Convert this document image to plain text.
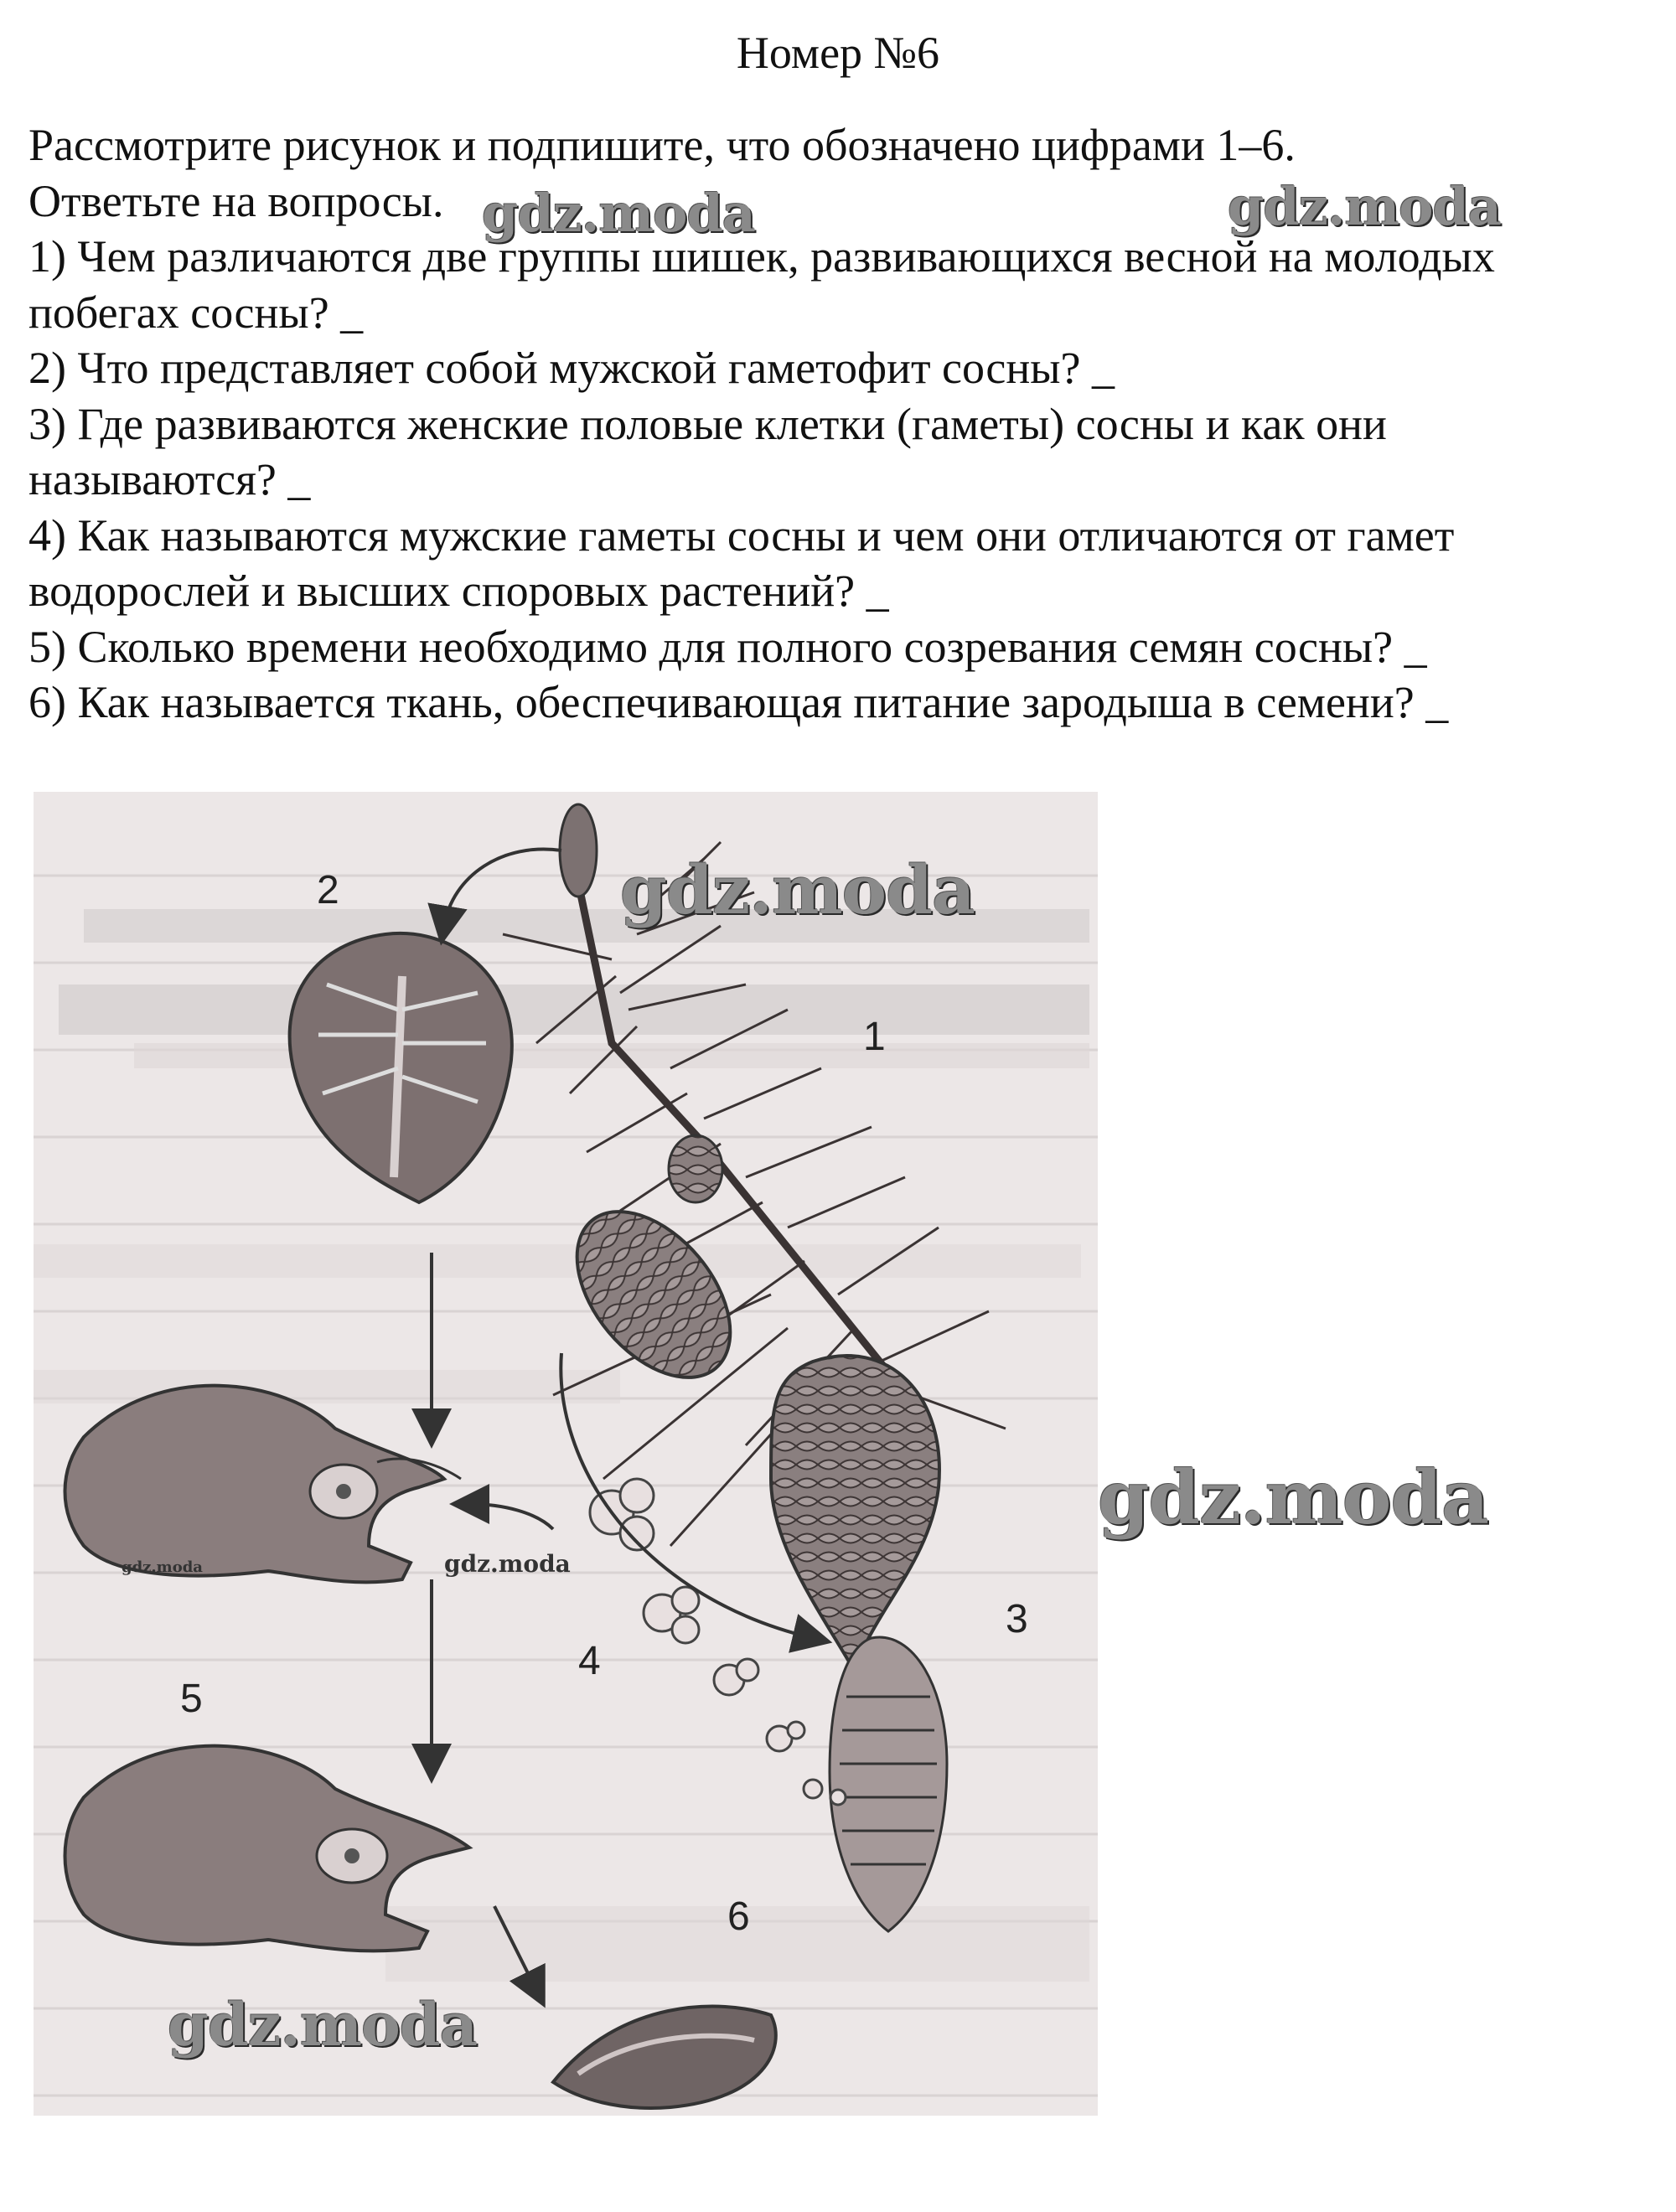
Номер №6
Рассмотрите рисунок и подпишите, что обозначено цифрами 1–6.
Ответьте на вопросы.
1) Чем различаются две группы шишек, развивающихся весной на молодых
побегах сосны? _
2) Что представляет собой мужской гаметофит сосны? _
3) Где развиваются женские половые клетки (гаметы) сосны и как они
называются? _
4) Как называются мужские гаметы сосны и чем они отличаются от гамет
водорослей и высших споровых растений? _
5) Сколько времени необходимо для полного созревания семян сосны? _
6) Как называется ткань, обеспечивающая питание зародыша в семени? _
gdz.moda	gdz.moda
2
1
3
4
5
6
gdz.moda
gdz.moda
gdz.moda
gdz.moda
gdz.moda
